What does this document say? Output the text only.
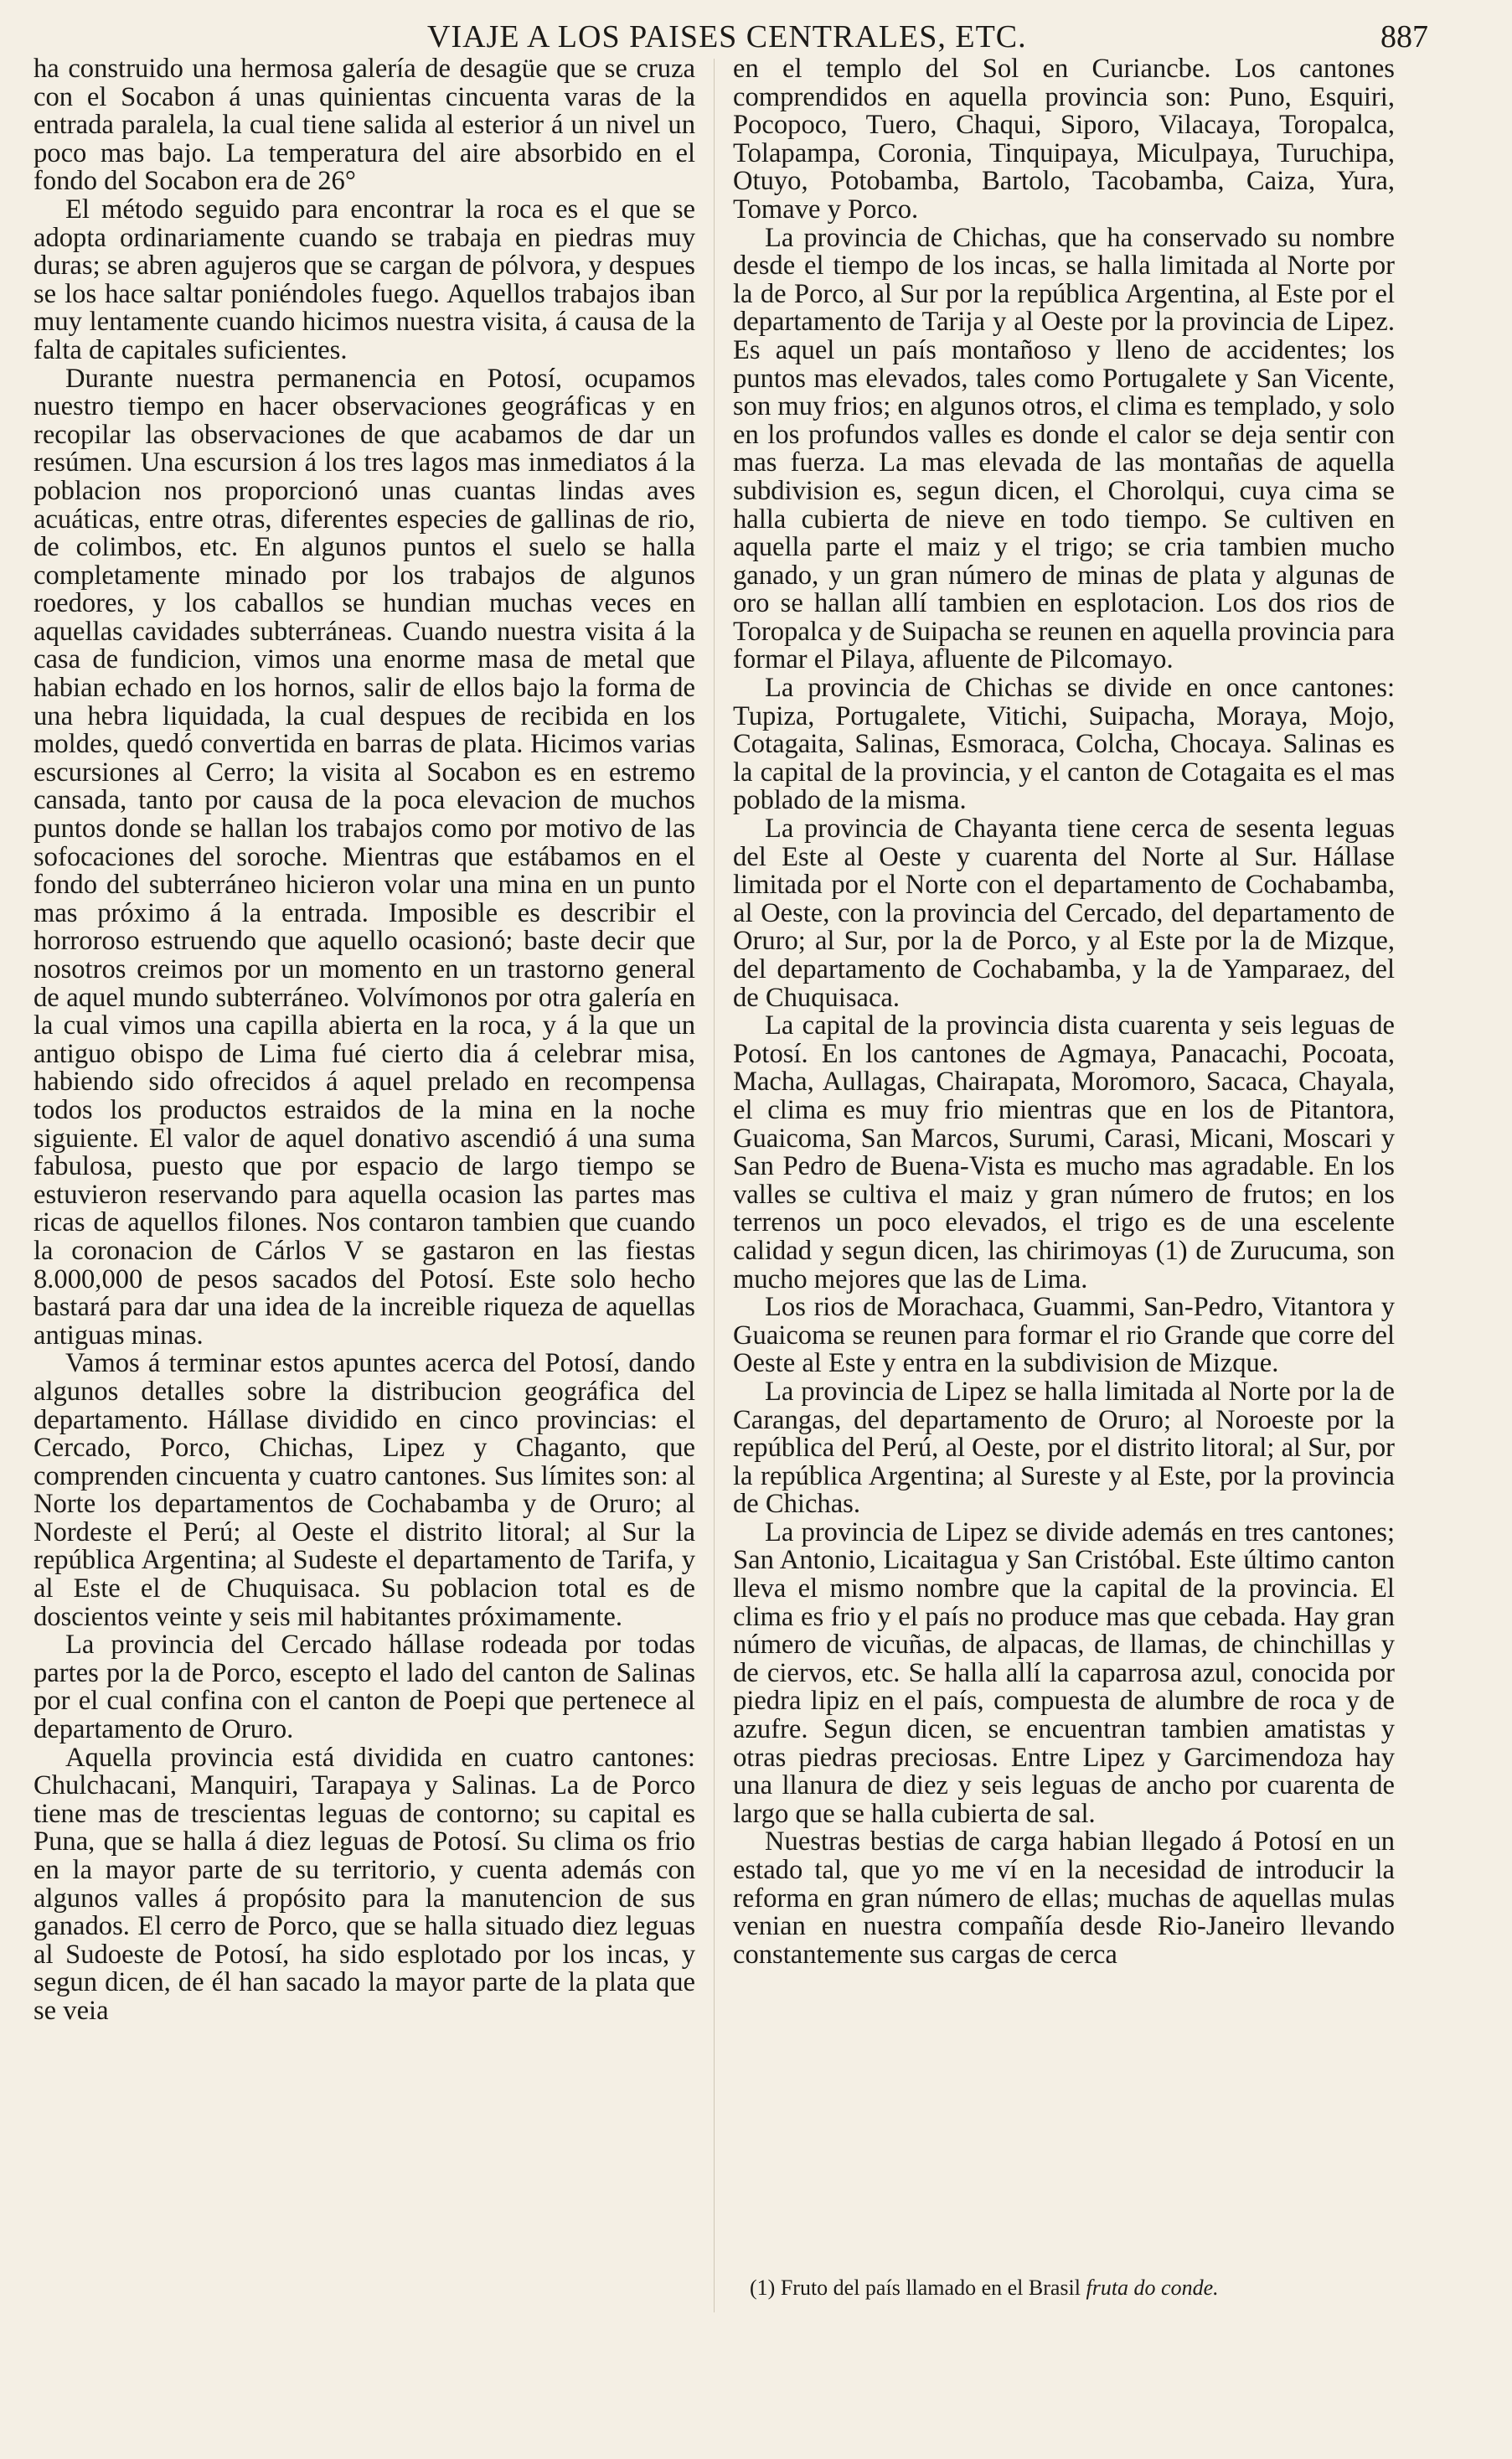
VIAJE A LOS PAISES CENTRALES, ETC.	887

ha construido una hermosa galería de desagüe que se cruza con el Socabon á unas quinientas cincuenta varas de la entrada paralela, la cual tiene salida al esterior á un nivel un poco mas bajo. La temperatura del aire absorbido en el fondo del Socabon era de 26°

El método seguido para encontrar la roca es el que se adopta ordinariamente cuando se trabaja en piedras muy duras; se abren agujeros que se cargan de pólvora, y despues se los hace saltar poniéndoles fuego. Aquellos trabajos iban muy lentamente cuando hicimos nuestra visita, á causa de la falta de capitales suficientes.

Durante nuestra permanencia en Potosí, ocupamos nuestro tiempo en hacer observaciones geográficas y en recopilar las observaciones de que acabamos de dar un resúmen. Una escursion á los tres lagos mas inmediatos á la poblacion nos proporcionó unas cuantas lindas aves acuáticas, entre otras, diferentes especies de gallinas de rio, de colimbos, etc. En algunos puntos el suelo se halla completamente minado por los trabajos de algunos roedores, y los caballos se hundian muchas veces en aquellas cavidades subterráneas. Cuando nuestra visita á la casa de fundicion, vimos una enorme masa de metal que habian echado en los hornos, salir de ellos bajo la forma de una hebra liquidada, la cual despues de recibida en los moldes, quedó convertida en barras de plata. Hicimos varias escursiones al Cerro; la visita al Socabon es en estremo cansada, tanto por causa de la poca elevacion de muchos puntos donde se hallan los trabajos como por motivo de las sofocaciones del soroche. Mientras que estábamos en el fondo del subterráneo hicieron volar una mina en un punto mas próximo á la entrada. Imposible es describir el horroroso estruendo que aquello ocasionó; baste decir que nosotros creimos por un momento en un trastorno general de aquel mundo subterráneo. Volvímonos por otra galería en la cual vimos una capilla abierta en la roca, y á la que un antiguo obispo de Lima fué cierto dia á celebrar misa, habiendo sido ofrecidos á aquel prelado en recompensa todos los productos estraidos de la mina en la noche siguiente. El valor de aquel donativo ascendió á una suma fabulosa, puesto que por espacio de largo tiempo se estuvieron reservando para aquella ocasion las partes mas ricas de aquellos filones. Nos contaron tambien que cuando la coronacion de Cárlos V se gastaron en las fiestas 8.000,000 de pesos sacados del Potosí. Este solo hecho bastará para dar una idea de la increible riqueza de aquellas antiguas minas.

Vamos á terminar estos apuntes acerca del Potosí, dando algunos detalles sobre la distribucion geográfica del departamento. Hállase dividido en cinco provincias: el Cercado, Porco, Chichas, Lipez y Chaganto, que comprenden cincuenta y cuatro cantones. Sus límites son: al Norte los departamentos de Cochabamba y de Oruro; al Nordeste el Perú; al Oeste el distrito litoral; al Sur la república Argentina; al Sudeste el departamento de Tarifa, y al Este el de Chuquisaca. Su poblacion total es de doscientos veinte y seis mil habitantes próximamente.

La provincia del Cercado hállase rodeada por todas partes por la de Porco, escepto el lado del canton de Salinas por el cual confina con el canton de Poepi que pertenece al departamento de Oruro.

Aquella provincia está dividida en cuatro cantones: Chulchacani, Manquiri, Tarapaya y Salinas. La de Porco tiene mas de trescientas leguas de contorno; su capital es Puna, que se halla á diez leguas de Potosí. Su clima os frio en la mayor parte de su territorio, y cuenta además con algunos valles á propósito para la manutencion de sus ganados. El cerro de Porco, que se halla situado diez leguas al Sudoeste de Potosí, ha sido esplotado por los incas, y segun dicen, de él han sacado la mayor parte de la plata que se veia

en el templo del Sol en Curiancbe. Los cantones comprendidos en aquella provincia son: Puno, Esquiri, Pocopoco, Tuero, Chaqui, Siporo, Vilacaya, Toropalca, Tolapampa, Coronia, Tinquipaya, Miculpaya, Turuchipa, Otuyo, Potobamba, Bartolo, Tacobamba, Caiza, Yura, Tomave y Porco.

La provincia de Chichas, que ha conservado su nombre desde el tiempo de los incas, se halla limitada al Norte por la de Porco, al Sur por la república Argentina, al Este por el departamento de Tarija y al Oeste por la provincia de Lipez. Es aquel un país montañoso y lleno de accidentes; los puntos mas elevados, tales como Portugalete y San Vicente, son muy frios; en algunos otros, el clima es templado, y solo en los profundos valles es donde el calor se deja sentir con mas fuerza. La mas elevada de las montañas de aquella subdivision es, segun dicen, el Chorolqui, cuya cima se halla cubierta de nieve en todo tiempo. Se cultiven en aquella parte el maiz y el trigo; se cria tambien mucho ganado, y un gran número de minas de plata y algunas de oro se hallan allí tambien en esplotacion. Los dos rios de Toropalca y de Suipacha se reunen en aquella provincia para formar el Pilaya, afluente de Pilcomayo.

La provincia de Chichas se divide en once cantones: Tupiza, Portugalete, Vitichi, Suipacha, Moraya, Mojo, Cotagaita, Salinas, Esmoraca, Colcha, Chocaya. Salinas es la capital de la provincia, y el canton de Cotagaita es el mas poblado de la misma.

La provincia de Chayanta tiene cerca de sesenta leguas del Este al Oeste y cuarenta del Norte al Sur. Hállase limitada por el Norte con el departamento de Cochabamba, al Oeste, con la provincia del Cercado, del departamento de Oruro; al Sur, por la de Porco, y al Este por la de Mizque, del departamento de Cochabamba, y la de Yamparaez, del de Chuquisaca.

La capital de la provincia dista cuarenta y seis leguas de Potosí. En los cantones de Agmaya, Panacachi, Pocoata, Macha, Aullagas, Chairapata, Moromoro, Sacaca, Chayala, el clima es muy frio mientras que en los de Pitantora, Guaicoma, San Marcos, Surumi, Carasi, Micani, Moscari y San Pedro de Buena-Vista es mucho mas agradable. En los valles se cultiva el maiz y gran número de frutos; en los terrenos un poco elevados, el trigo es de una escelente calidad y segun dicen, las chirimoyas (1) de Zurucuma, son mucho mejores que las de Lima.

Los rios de Morachaca, Guammi, San-Pedro, Vitantora y Guaicoma se reunen para formar el rio Grande que corre del Oeste al Este y entra en la subdivision de Mizque.

La provincia de Lipez se halla limitada al Norte por la de Carangas, del departamento de Oruro; al Noroeste por la república del Perú, al Oeste, por el distrito litoral; al Sur, por la república Argentina; al Sureste y al Este, por la provincia de Chichas.

La provincia de Lipez se divide además en tres cantones; San Antonio, Licaitagua y San Cristóbal. Este último canton lleva el mismo nombre que la capital de la provincia. El clima es frio y el país no produce mas que cebada. Hay gran número de vicuñas, de alpacas, de llamas, de chinchillas y de ciervos, etc. Se halla allí la caparrosa azul, conocida por piedra lipiz en el país, compuesta de alumbre de roca y de azufre. Segun dicen, se encuentran tambien amatistas y otras piedras preciosas. Entre Lipez y Garcimendoza hay una llanura de diez y seis leguas de ancho por cuarenta de largo que se halla cubierta de sal.

Nuestras bestias de carga habian llegado á Potosí en un estado tal, que yo me ví en la necesidad de introducir la reforma en gran número de ellas; muchas de aquellas mulas venian en nuestra compañía desde Rio-Janeiro llevando constantemente sus cargas de cerca

(1) Fruto del país llamado en el Brasil fruta do conde.
